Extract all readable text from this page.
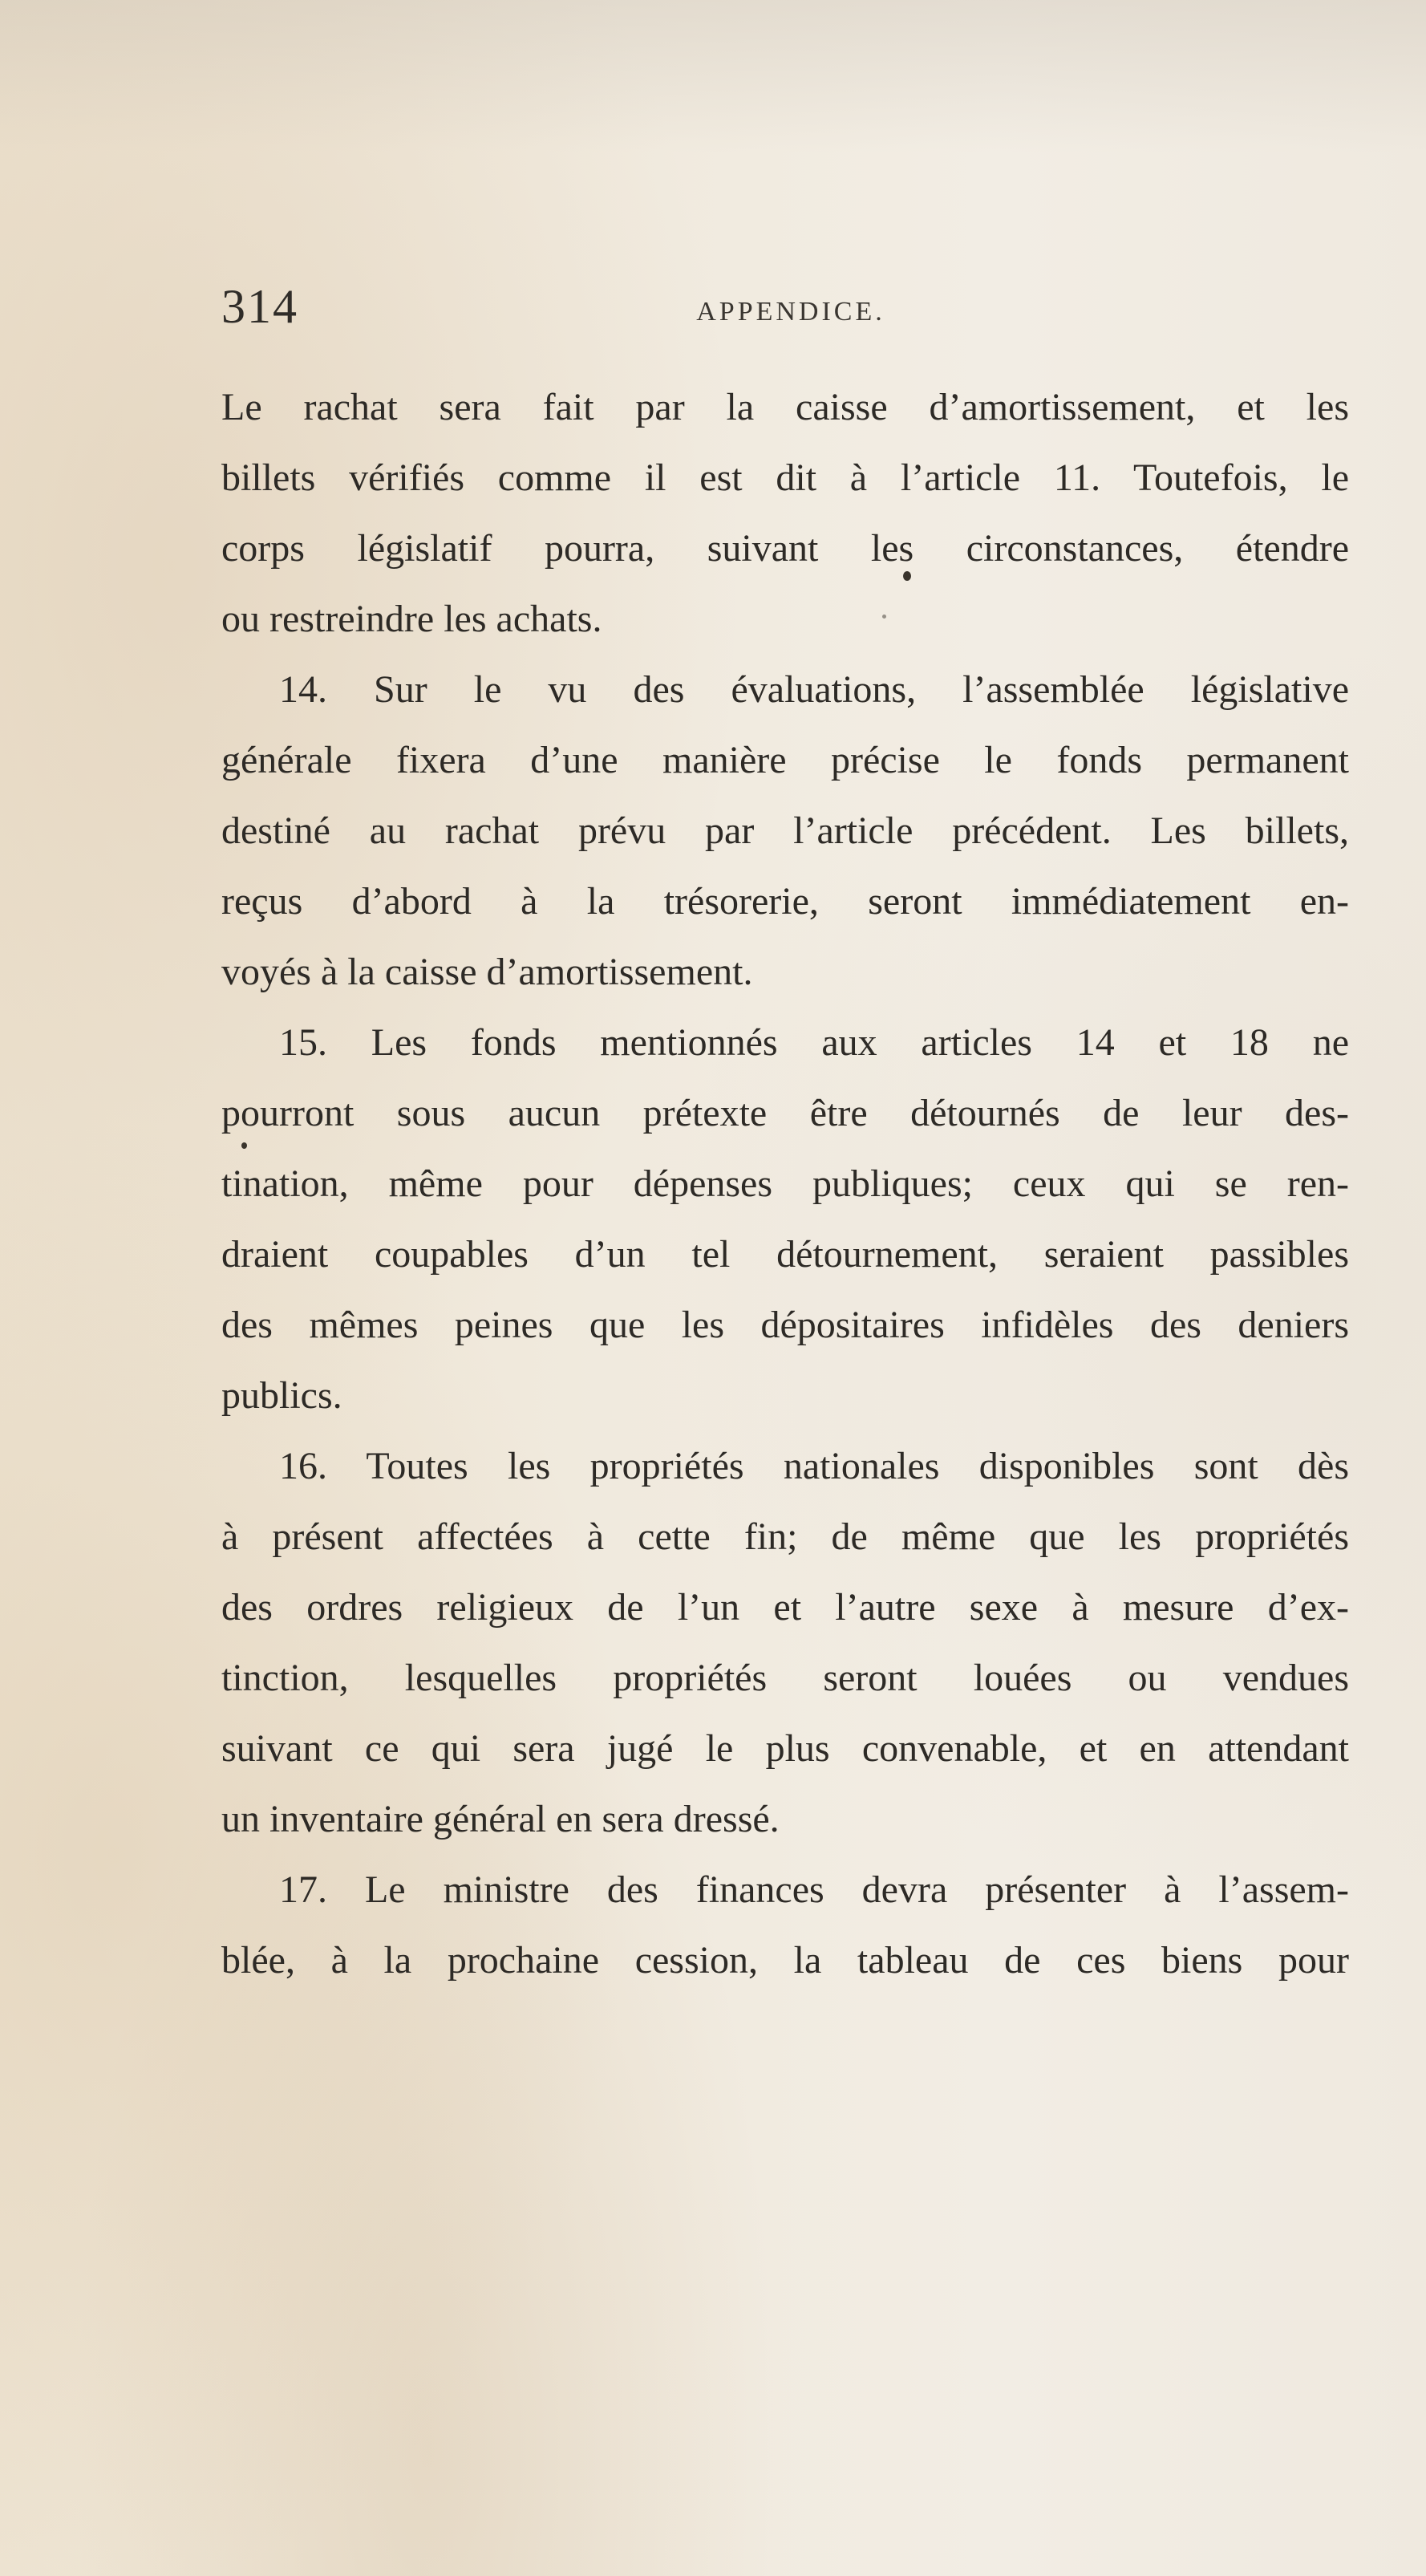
314	APPENDICE.
Le rachat sera fait par la caisse d’amortissement, et les
billets vérifiés comme il est dit à l’article 11. Toutefois, le
corps législatif pourra, suivant les circonstances, étendre
ou restreindre les achats.
14. Sur le vu des évaluations, l’assemblée législative
générale fixera d’une manière précise le fonds permanent
destiné au rachat prévu par l’article précédent. Les billets,
reçus d’abord à la trésorerie, seront immédiatement en-
voyés à la caisse d’amortissement.
15. Les fonds mentionnés aux articles 14 et 18 ne
pourront sous aucun prétexte être détournés de leur des-
tination, même pour dépenses publiques; ceux qui se ren-
draient coupables d’un tel détournement, seraient passibles
des mêmes peines que les dépositaires infidèles des deniers
publics.
16. Toutes les propriétés nationales disponibles sont dès
à présent affectées à cette fin; de même que les propriétés
des ordres religieux de l’un et l’autre sexe à mesure d’ex-
tinction, lesquelles propriétés seront louées ou vendues
suivant ce qui sera jugé le plus convenable, et en attendant
un inventaire général en sera dressé.
17. Le ministre des finances devra présenter à l’assem-
blée, à la prochaine cession, la tableau de ces biens pour
